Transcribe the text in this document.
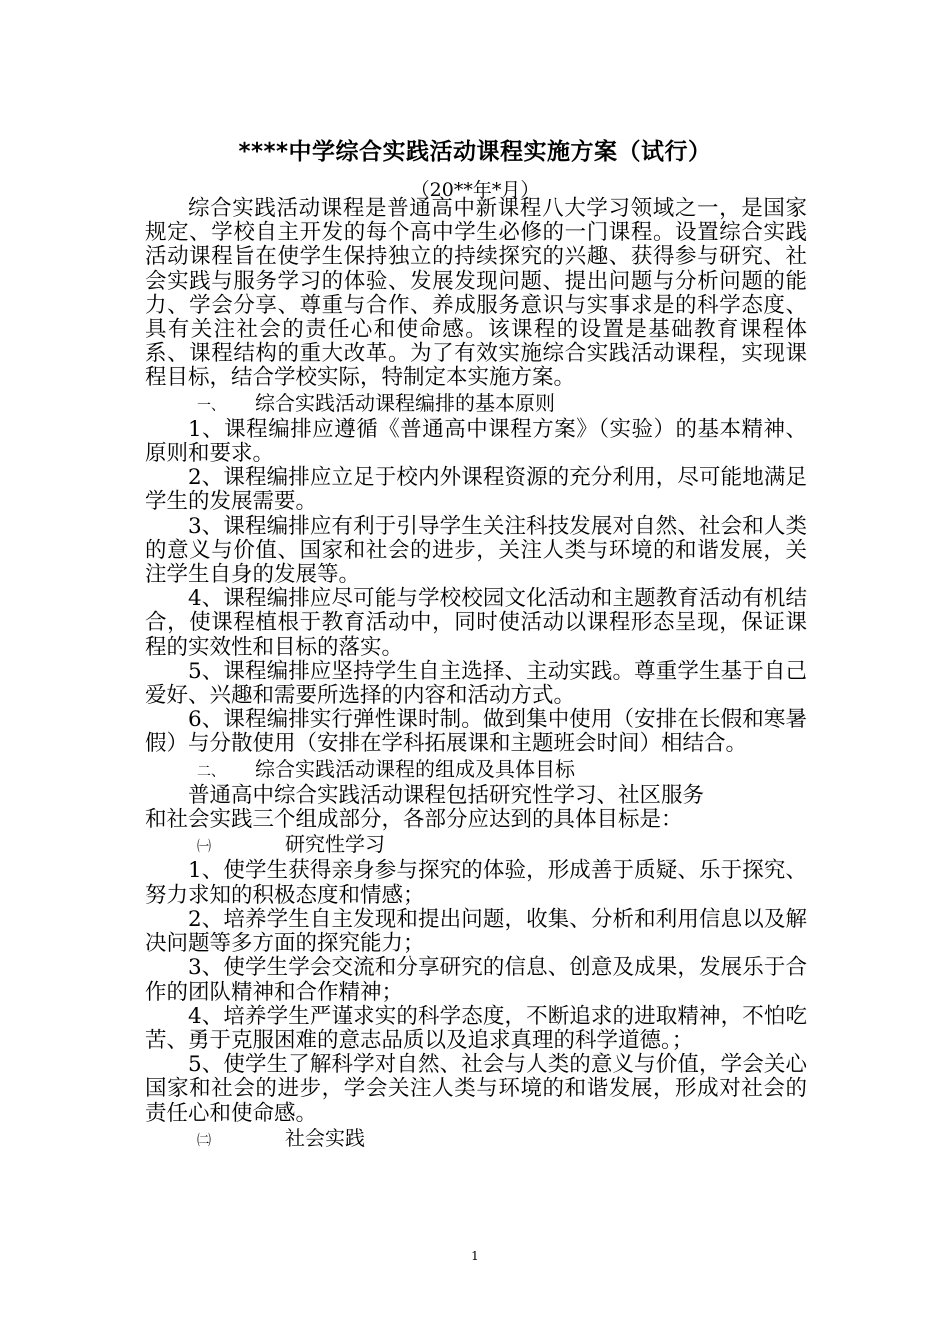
****中学综合实践活动课程实施方案（试行）
（20**年*月）

综合实践活动课程是普通高中新课程八大学习领域之一，是国家规定、学校自主开发的每个高中学生必修的一门课程。设置综合实践活动课程旨在使学生保持独立的持续探究的兴趣、获得参与研究、社会实践与服务学习的体验、发展发现问题、提出问题与分析问题的能力、学会分享、尊重与合作、养成服务意识与实事求是的科学态度、具有关注社会的责任心和使命感。该课程的设置是基础教育课程体系、课程结构的重大改革。为了有效实施综合实践活动课程，实现课程目标，结合学校实际，特制定本实施方案。

一、 综合实践活动课程编排的基本原则

1、课程编排应遵循《普通高中课程方案》（实验）的基本精神、原则和要求。

2、课程编排应立足于校内外课程资源的充分利用，尽可能地满足学生的发展需要。

3、课程编排应有利于引导学生关注科技发展对自然、社会和人类的意义与价值、国家和社会的进步，关注人类与环境的和谐发展，关注学生自身的发展等。

4、课程编排应尽可能与学校校园文化活动和主题教育活动有机结合，使课程植根于教育活动中，同时使活动以课程形态呈现，保证课程的实效性和目标的落实。

5、课程编排应坚持学生自主选择、主动实践。尊重学生基于自己爱好、兴趣和需要所选择的内容和活动方式。

6、课程编排实行弹性课时制。做到集中使用（安排在长假和寒暑假）与分散使用（安排在学科拓展课和主题班会时间）相结合。

二、 综合实践活动课程的组成及具体目标

普通高中综合实践活动课程包括研究性学习、社区服务

和社会实践三个组成部分，各部分应达到的具体目标是：

㈠	研究性学习

1、使学生获得亲身参与探究的体验，形成善于质疑、乐于探究、努力求知的积极态度和情感；

2、培养学生自主发现和提出问题，收集、分析和利用信息以及解决问题等多方面的探究能力；

3、使学生学会交流和分享研究的信息、创意及成果，发展乐于合作的团队精神和合作精神；

4、培养学生严谨求实的科学态度，不断追求的进取精神，不怕吃苦、勇于克服困难的意志品质以及追求真理的科学道德。；

5、使学生了解科学对自然、社会与人类的意义与价值，学会关心国家和社会的进步，学会关注人类与环境的和谐发展，形成对社会的责任心和使命感。

㈡	社会实践

1
